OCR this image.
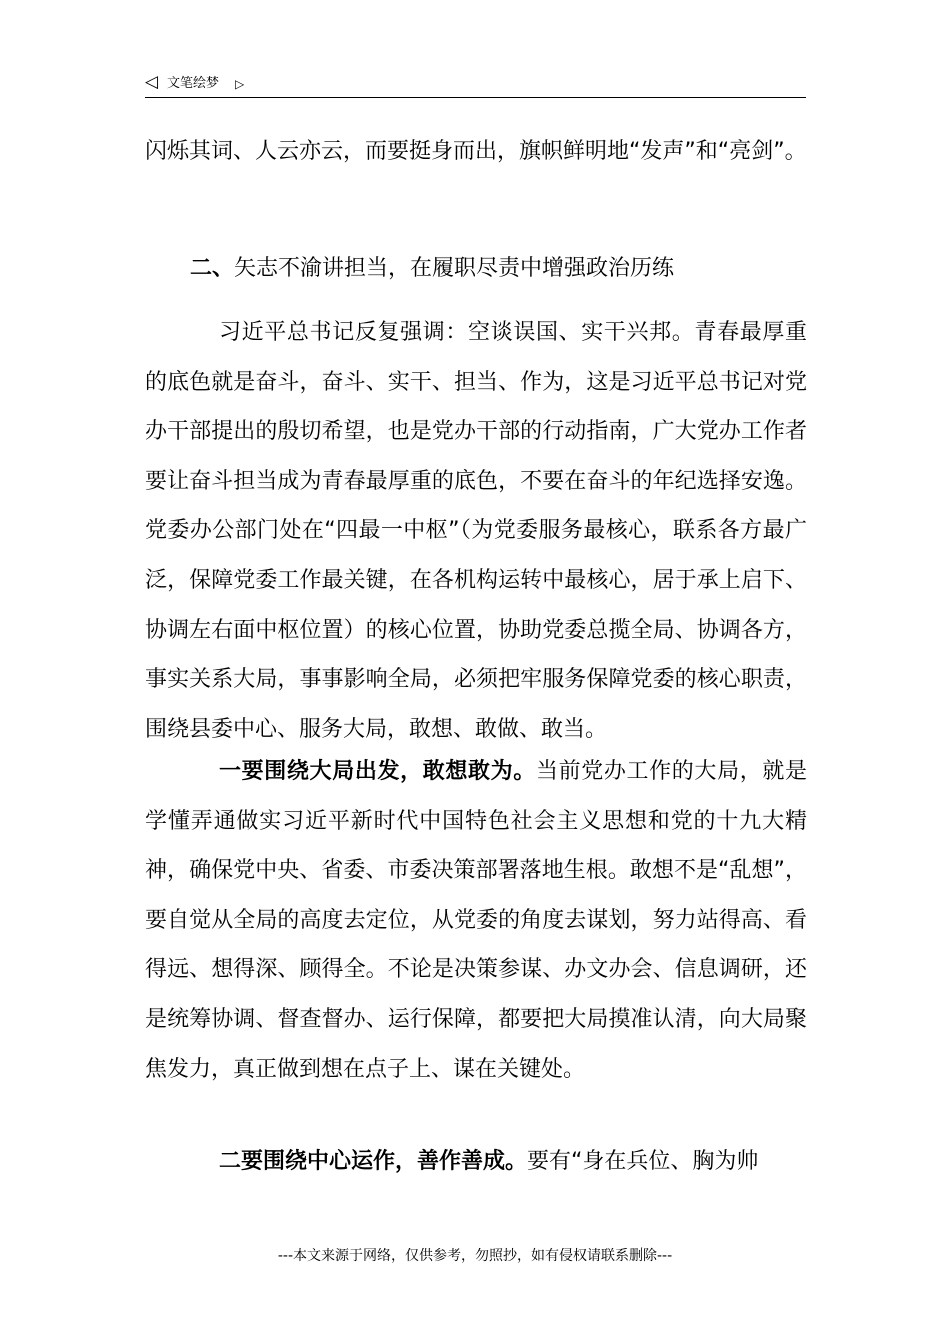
◁ 文笔绘梦 ▷

闪烁其词、人云亦云，而要挺身而出，旗帜鲜明地“发声”和“亮剑”。

二、矢志不渝讲担当，在履职尽责中增强政治历练

习近平总书记反复强调：空谈误国、实干兴邦。青春最厚重的底色就是奋斗，奋斗、实干、担当、作为，这是习近平总书记对党办干部提出的殷切希望，也是党办干部的行动指南，广大党办工作者要让奋斗担当成为青春最厚重的底色，不要在奋斗的年纪选择安逸。党委办公部门处在“四最一中枢”（为党委服务最核心，联系各方最广泛，保障党委工作最关键，在各机构运转中最核心，居于承上启下、协调左右面中枢位置）的核心位置，协助党委总揽全局、协调各方，事实关系大局，事事影响全局，必须把牢服务保障党委的核心职责，围绕县委中心、服务大局，敢想、敢做、敢当。

一要围绕大局出发，敢想敢为。当前党办工作的大局，就是学懂弄通做实习近平新时代中国特色社会主义思想和党的十九大精神，确保党中央、省委、市委决策部署落地生根。敢想不是“乱想”，要自觉从全局的高度去定位，从党委的角度去谋划，努力站得高、看得远、想得深、顾得全。不论是决策参谋、办文办会、信息调研，还是统筹协调、督查督办、运行保障，都要把大局摸准认清，向大局聚焦发力，真正做到想在点子上、谋在关键处。

二要围绕中心运作，善作善成。要有“身在兵位、胸为帅

---本文来源于网络，仅供参考，勿照抄，如有侵权请联系删除---
